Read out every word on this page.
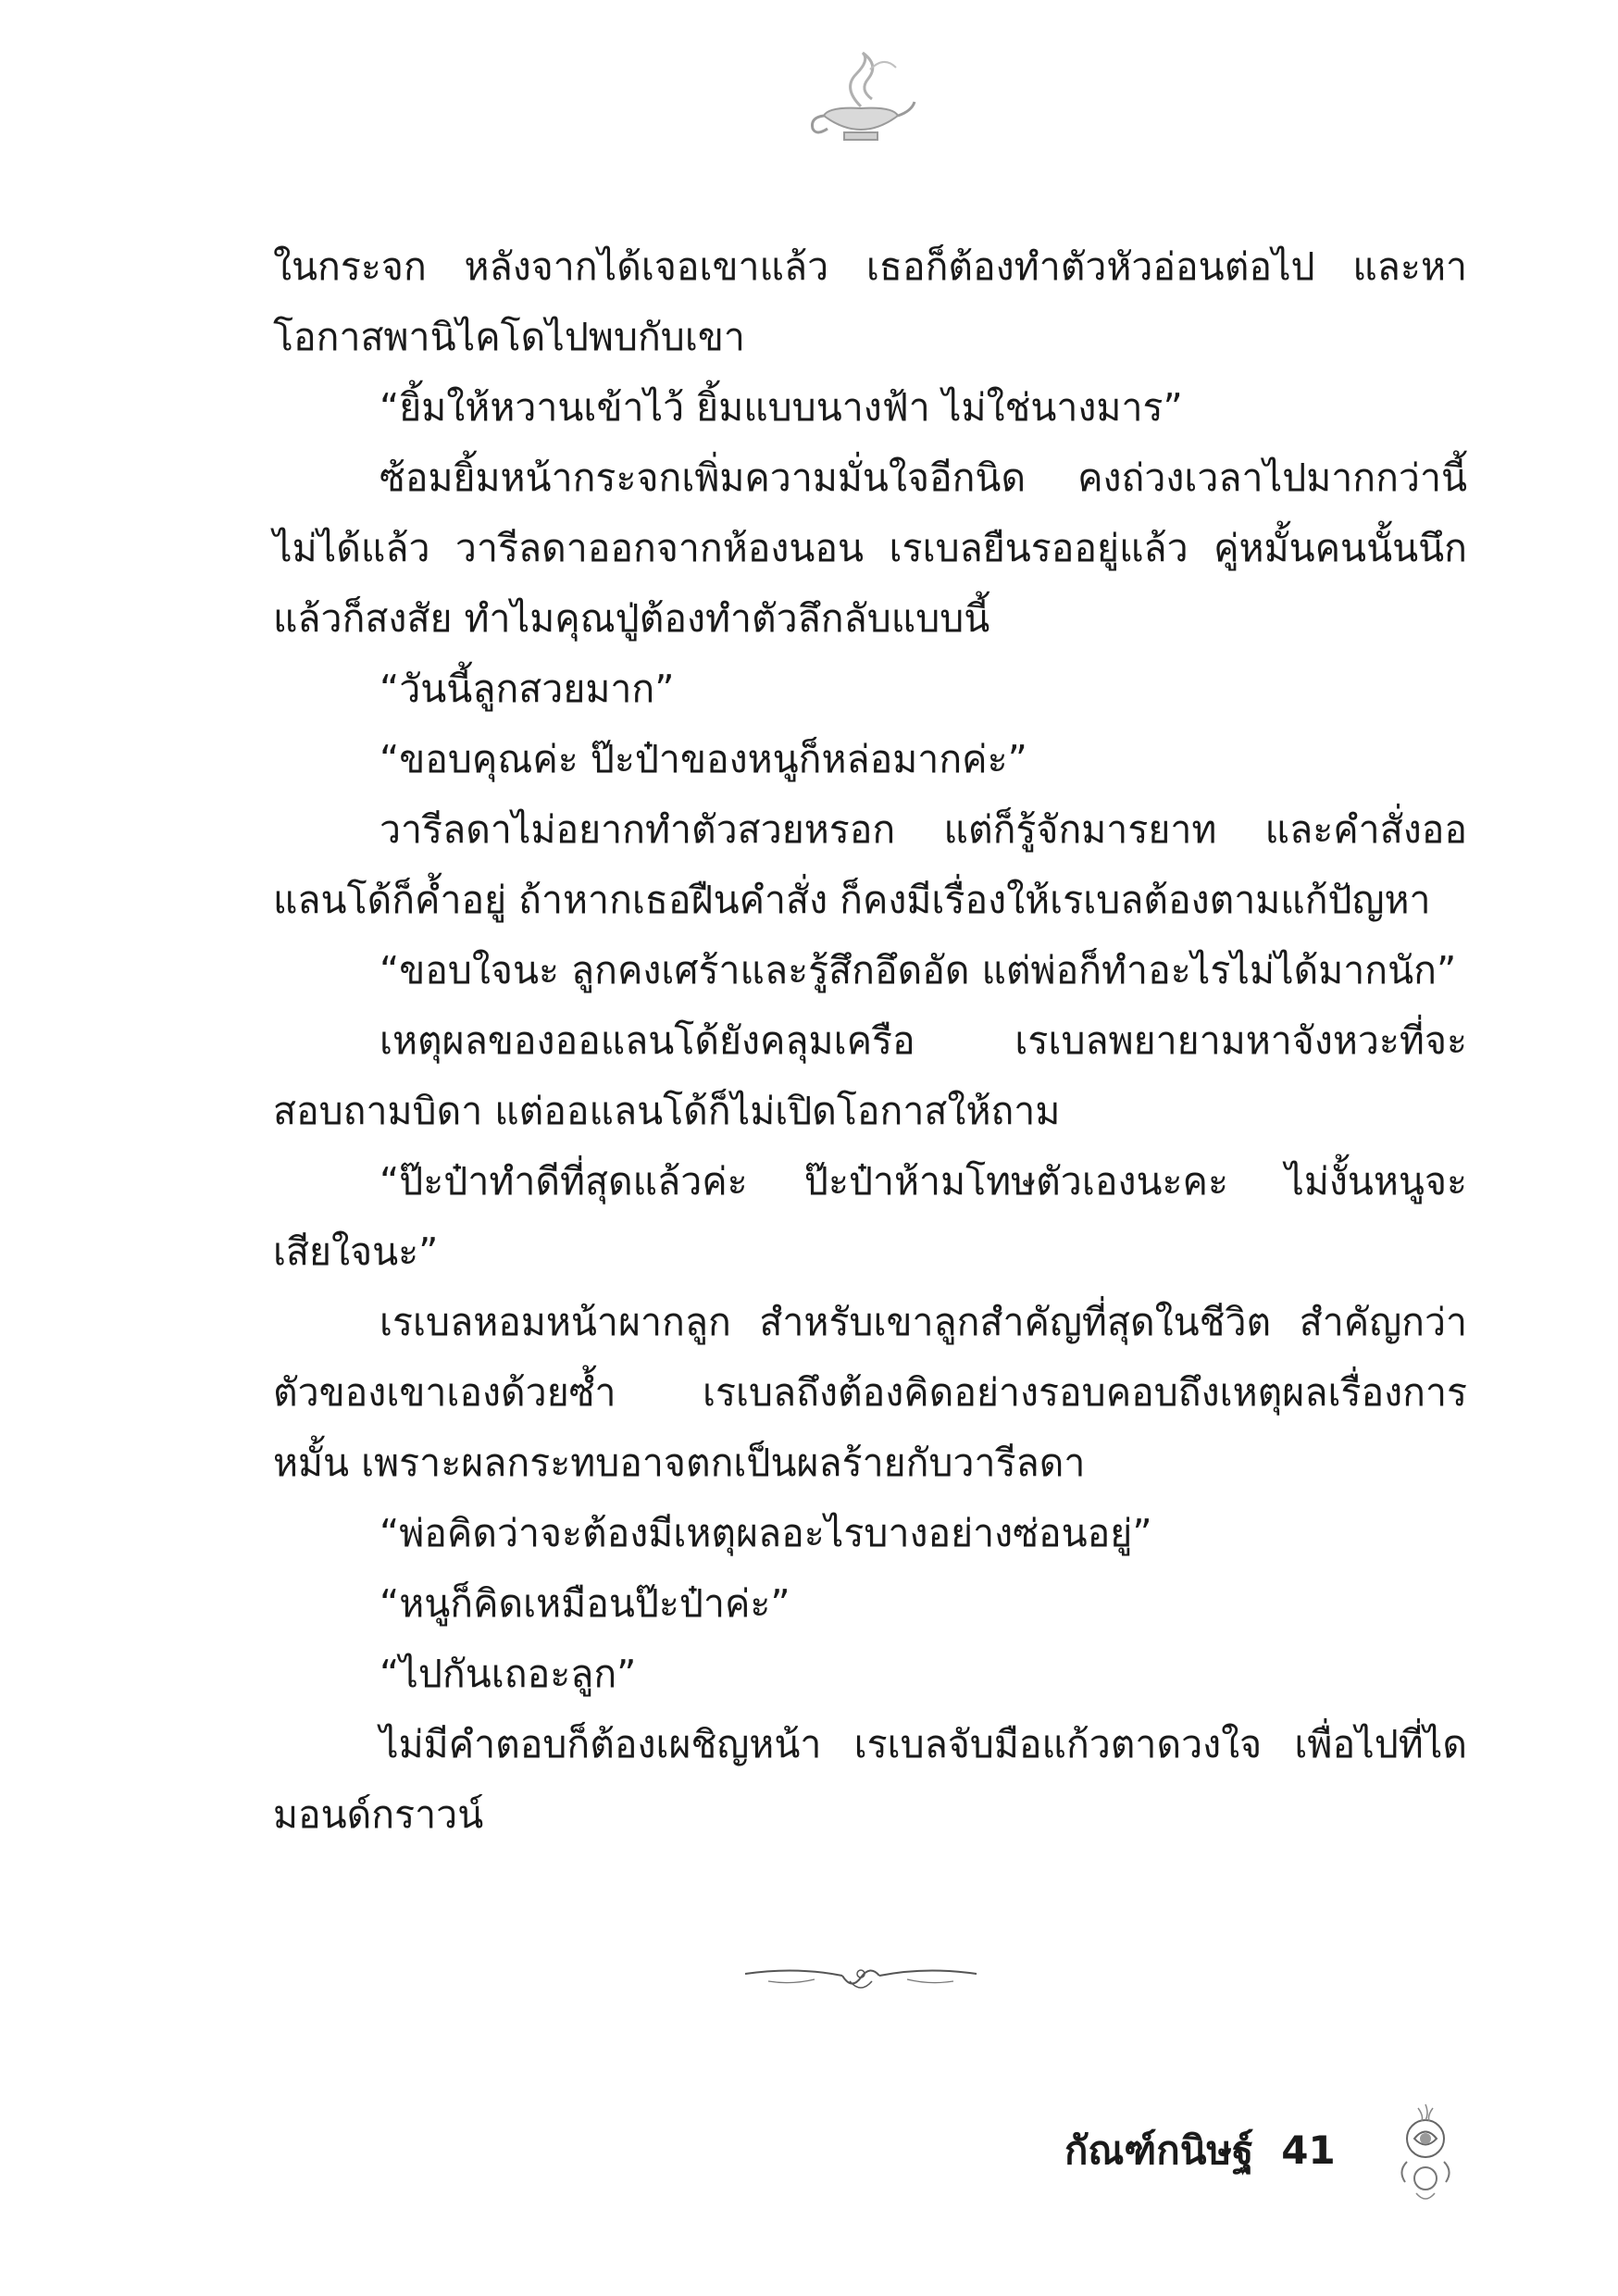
ในกระจก หลังจากได้เจอเขาแล้ว เธอก็ต้องทำตัวหัวอ่อนต่อไป และหาโอกาสพานิไคโดไปพบกับเขา

“ยิ้มให้หวานเข้าไว้ ยิ้มแบบนางฟ้า ไม่ใช่นางมาร”

ซ้อมยิ้มหน้ากระจกเพิ่มความมั่นใจอีกนิด คงถ่วงเวลาไปมากกว่านี้ไม่ได้แล้ว วารีลดาออกจากห้องนอน เรเบลยืนรออยู่แล้ว คู่หมั้นคนนั้นนึกแล้วก็สงสัย ทำไมคุณปู่ต้องทำตัวลึกลับแบบนี้

“วันนี้ลูกสวยมาก”

“ขอบคุณค่ะ ป๊ะป๋าของหนูก็หล่อมากค่ะ”

วารีลดาไม่อยากทำตัวสวยหรอก แต่ก็รู้จักมารยาท และคำสั่งออแลนโด้ก็ค้ำอยู่ ถ้าหากเธอฝืนคำสั่ง ก็คงมีเรื่องให้เรเบลต้องตามแก้ปัญหา

“ขอบใจนะ ลูกคงเศร้าและรู้สึกอึดอัด แต่พ่อก็ทำอะไรไม่ได้มากนัก”

เหตุผลของออแลนโด้ยังคลุมเครือ เรเบลพยายามหาจังหวะที่จะสอบถามบิดา แต่ออแลนโด้ก็ไม่เปิดโอกาสให้ถาม

“ป๊ะป๋าทำดีที่สุดแล้วค่ะ ป๊ะป๋าห้ามโทษตัวเองนะคะ ไม่งั้นหนูจะเสียใจนะ”

เรเบลหอมหน้าผากลูก สำหรับเขาลูกสำคัญที่สุดในชีวิต สำคัญกว่าตัวของเขาเองด้วยซ้ำ เรเบลถึงต้องคิดอย่างรอบคอบถึงเหตุผลเรื่องการหมั้น เพราะผลกระทบอาจตกเป็นผลร้ายกับวารีลดา

“พ่อคิดว่าจะต้องมีเหตุผลอะไรบางอย่างซ่อนอยู่”

“หนูก็คิดเหมือนป๊ะป๋าค่ะ”

“ไปกันเถอะลูก”

ไม่มีคำตอบก็ต้องเผชิญหน้า เรเบลจับมือแก้วตาดวงใจ เพื่อไปที่ไดมอนด์กราวน์

กัณฑ์กนิษฐ์ 41
